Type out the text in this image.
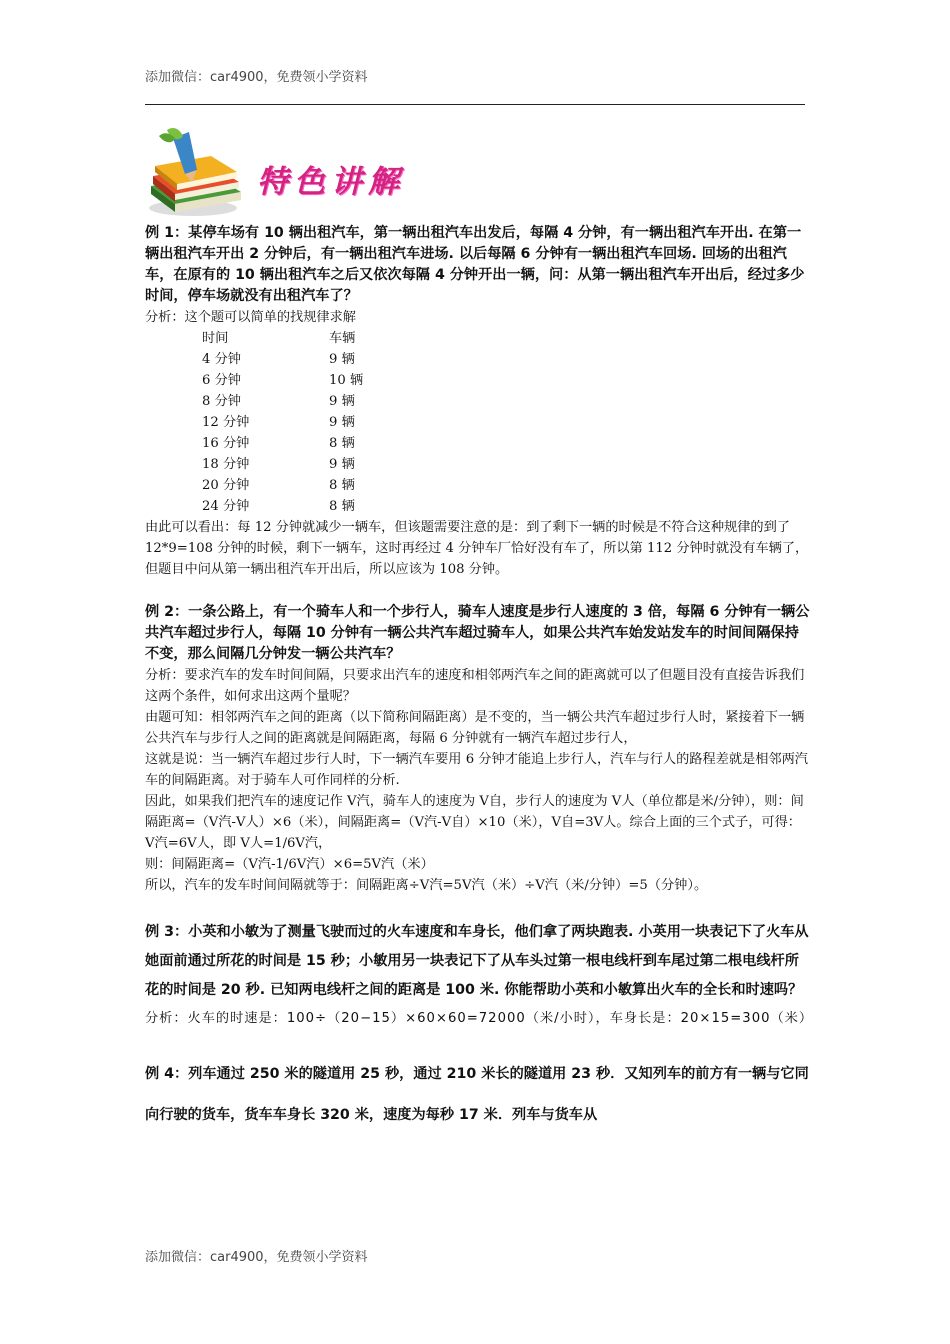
添加微信：car4900，免费领小学资料
特色讲解

例 1：某停车场有 10 辆出租汽车，第一辆出租汽车出发后，每隔 4 分钟，有一辆出租汽车开出. 在第一辆出租汽车开出 2 分钟后，有一辆出租汽车进场. 以后每隔 6 分钟有一辆出租汽车回场. 回场的出租汽车，在原有的 10 辆出租汽车之后又依次每隔 4 分钟开出一辆，问：从第一辆出租汽车开出后，经过多少时间，停车场就没有出租汽车了？

分析：这个题可以简单的找规律求解

时间	车辆
4 分钟	9 辆
6 分钟	10 辆
8 分钟	9 辆
12 分钟	9 辆
16 分钟	8 辆
18 分钟	9 辆
20 分钟	8 辆
24 分钟	8 辆

由此可以看出：每 12 分钟就减少一辆车，但该题需要注意的是：到了剩下一辆的时候是不符合这种规律的到了 12*9=108 分钟的时候，剩下一辆车，这时再经过 4 分钟车厂恰好没有车了，所以第 112 分钟时就没有车辆了，但题目中问从第一辆出租汽车开出后，所以应该为 108 分钟。

例 2：一条公路上，有一个骑车人和一个步行人，骑车人速度是步行人速度的 3 倍，每隔 6 分钟有一辆公共汽车超过步行人，每隔 10 分钟有一辆公共汽车超过骑车人，如果公共汽车始发站发车的时间间隔保持不变，那么间隔几分钟发一辆公共汽车？

分析：要求汽车的发车时间间隔，只要求出汽车的速度和相邻两汽车之间的距离就可以了但题目没有直接告诉我们这两个条件，如何求出这两个量呢？

由题可知：相邻两汽车之间的距离（以下简称间隔距离）是不变的，当一辆公共汽车超过步行人时，紧接着下一辆公共汽车与步行人之间的距离就是间隔距离，每隔 6 分钟就有一辆汽车超过步行人，

这就是说：当一辆汽车超过步行人时，下一辆汽车要用 6 分钟才能追上步行人，汽车与行人的路程差就是相邻两汽车的间隔距离。对于骑车人可作同样的分析.

因此，如果我们把汽车的速度记作 V汽，骑车人的速度为 V自，步行人的速度为 V人（单位都是米/分钟），则：间隔距离=（V汽-V人）×6（米），间隔距离=（V汽-V自）×10（米），V自=3V人。综合上面的三个式子，可得：V汽=6V人，即 V人=1/6V汽，

则：间隔距离=（V汽-1/6V汽）×6=5V汽（米）

所以，汽车的发车时间间隔就等于：间隔距离÷V汽=5V汽（米）÷V汽（米/分钟）=5（分钟）。

例 3：小英和小敏为了测量飞驶而过的火车速度和车身长，他们拿了两块跑表. 小英用一块表记下了火车从她面前通过所花的时间是 15 秒；小敏用另一块表记下了从车头过第一根电线杆到车尾过第二根电线杆所花的时间是 20 秒. 已知两电线杆之间的距离是 100 米. 你能帮助小英和小敏算出火车的全长和时速吗？

分析：火车的时速是：100÷（20−15）×60×60=72000（米/小时），车身长是：20×15=300（米）

例 4：列车通过 250 米的隧道用 25 秒，通过 210 米长的隧道用 23 秒．又知列车的前方有一辆与它同向行驶的货车，货车车身长 320 米，速度为每秒 17 米．列车与货车从

添加微信：car4900，免费领小学资料
